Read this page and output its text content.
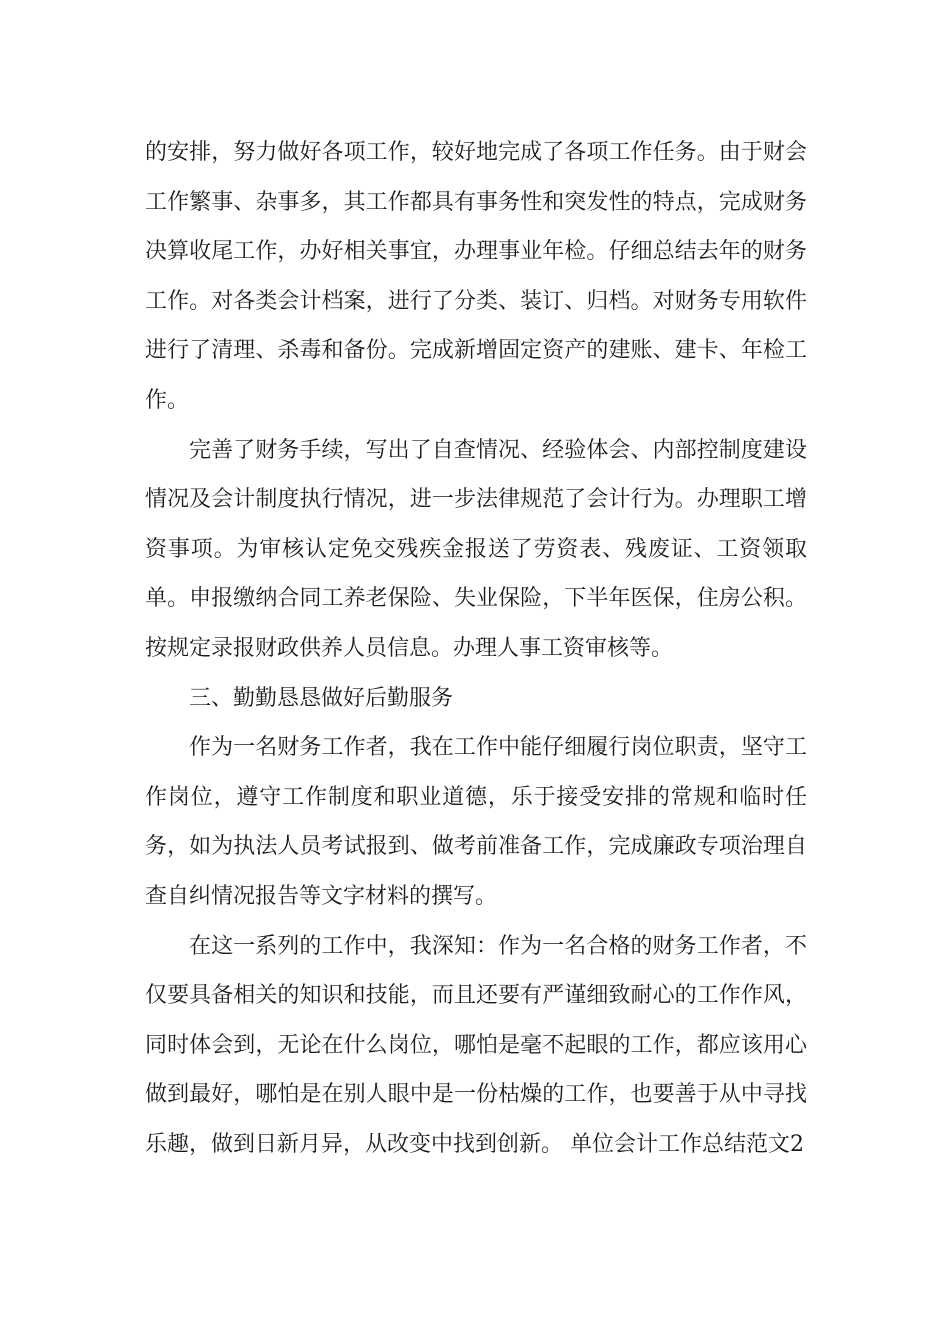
的安排，努力做好各项工作，较好地完成了各项工作任务。由于财会工作繁事、杂事多，其工作都具有事务性和突发性的特点，完成财务决算收尾工作，办好相关事宜，办理事业年检。仔细总结去年的财务工作。对各类会计档案，进行了分类、装订、归档。对财务专用软件进行了清理、杀毒和备份。完成新增固定资产的建账、建卡、年检工作。

完善了财务手续，写出了自查情况、经验体会、内部控制度建设情况及会计制度执行情况，进一步法律规范了会计行为。办理职工增资事项。为审核认定免交残疾金报送了劳资表、残废证、工资领取单。申报缴纳合同工养老保险、失业保险，下半年医保，住房公积。按规定录报财政供养人员信息。办理人事工资审核等。

三、勤勤恳恳做好后勤服务

作为一名财务工作者，我在工作中能仔细履行岗位职责，坚守工作岗位，遵守工作制度和职业道德，乐于接受安排的常规和临时任务，如为执法人员考试报到、做考前准备工作，完成廉政专项治理自查自纠情况报告等文字材料的撰写。

在这一系列的工作中，我深知：作为一名合格的财务工作者，不仅要具备相关的知识和技能，而且还要有严谨细致耐心的工作作风，同时体会到，无论在什么岗位，哪怕是毫不起眼的工作，都应该用心做到最好，哪怕是在别人眼中是一份枯燥的工作，也要善于从中寻找乐趣，做到日新月异，从改变中找到创新。 单位会计工作总结范文2
